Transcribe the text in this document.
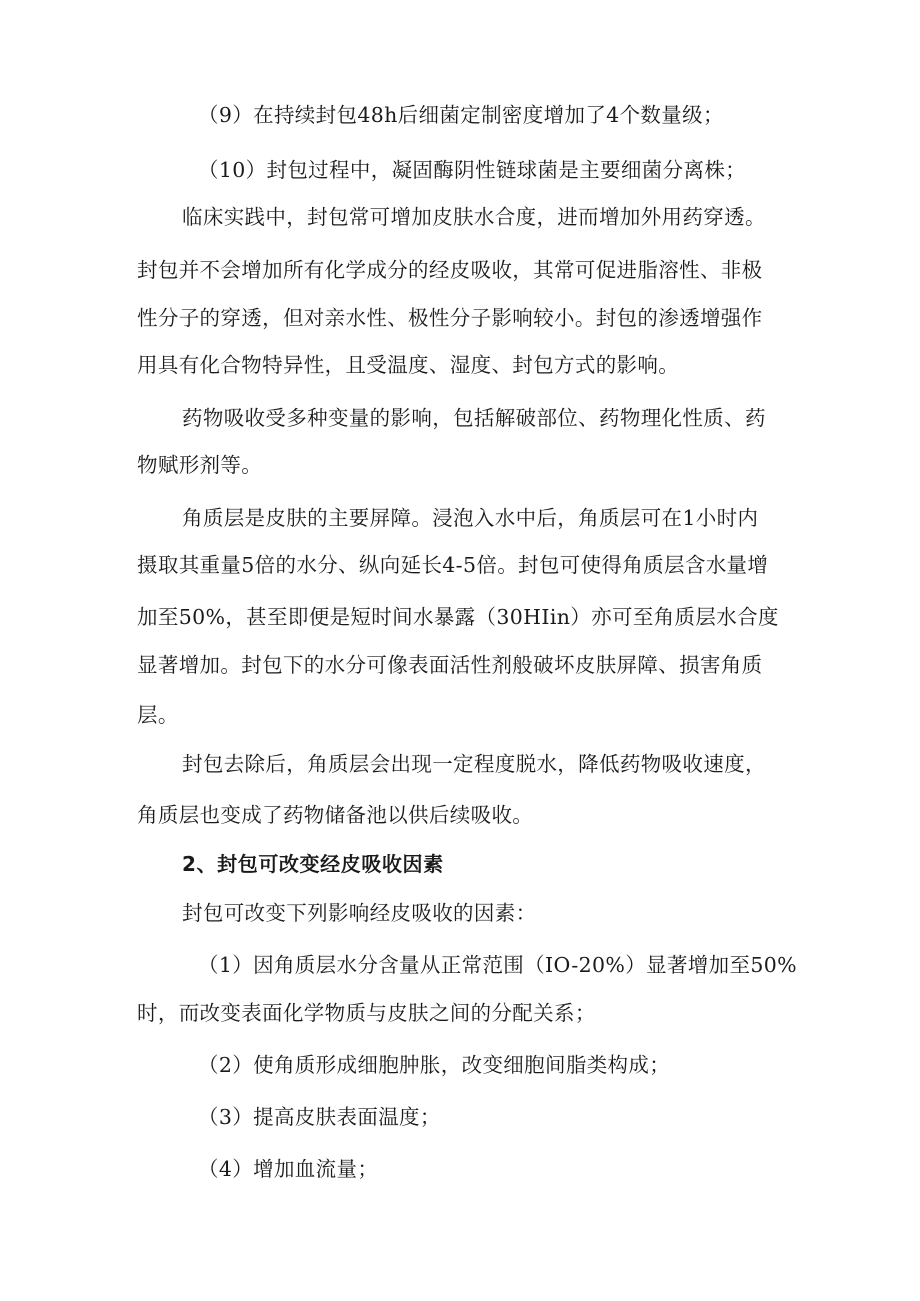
（9）在持续封包48h后细菌定制密度增加了4个数量级；
（10）封包过程中，凝固酶阴性链球菌是主要细菌分离株；
临床实践中，封包常可增加皮肤水合度，进而增加外用药穿透。
封包并不会增加所有化学成分的经皮吸收，其常可促进脂溶性、非极
性分子的穿透，但对亲水性、极性分子影响较小。封包的渗透增强作
用具有化合物特异性，且受温度、湿度、封包方式的影响。
药物吸收受多种变量的影响，包括解破部位、药物理化性质、药
物赋形剂等。
角质层是皮肤的主要屏障。浸泡入水中后，角质层可在1小时内
摄取其重量5倍的水分、纵向延长4-5倍。封包可使得角质层含水量增
加至50%，甚至即便是短时间水暴露（30HIin）亦可至角质层水合度
显著增加。封包下的水分可像表面活性剂般破坏皮肤屏障、损害角质
层。
封包去除后，角质层会出现一定程度脱水，降低药物吸收速度，
角质层也变成了药物储备池以供后续吸收。
2、封包可改变经皮吸收因素
封包可改变下列影响经皮吸收的因素：
（1）因角质层水分含量从正常范围（IO-20%）显著增加至50%
时，而改变表面化学物质与皮肤之间的分配关系；
（2）使角质形成细胞肿胀，改变细胞间脂类构成；
（3）提高皮肤表面温度；
（4）增加血流量；
